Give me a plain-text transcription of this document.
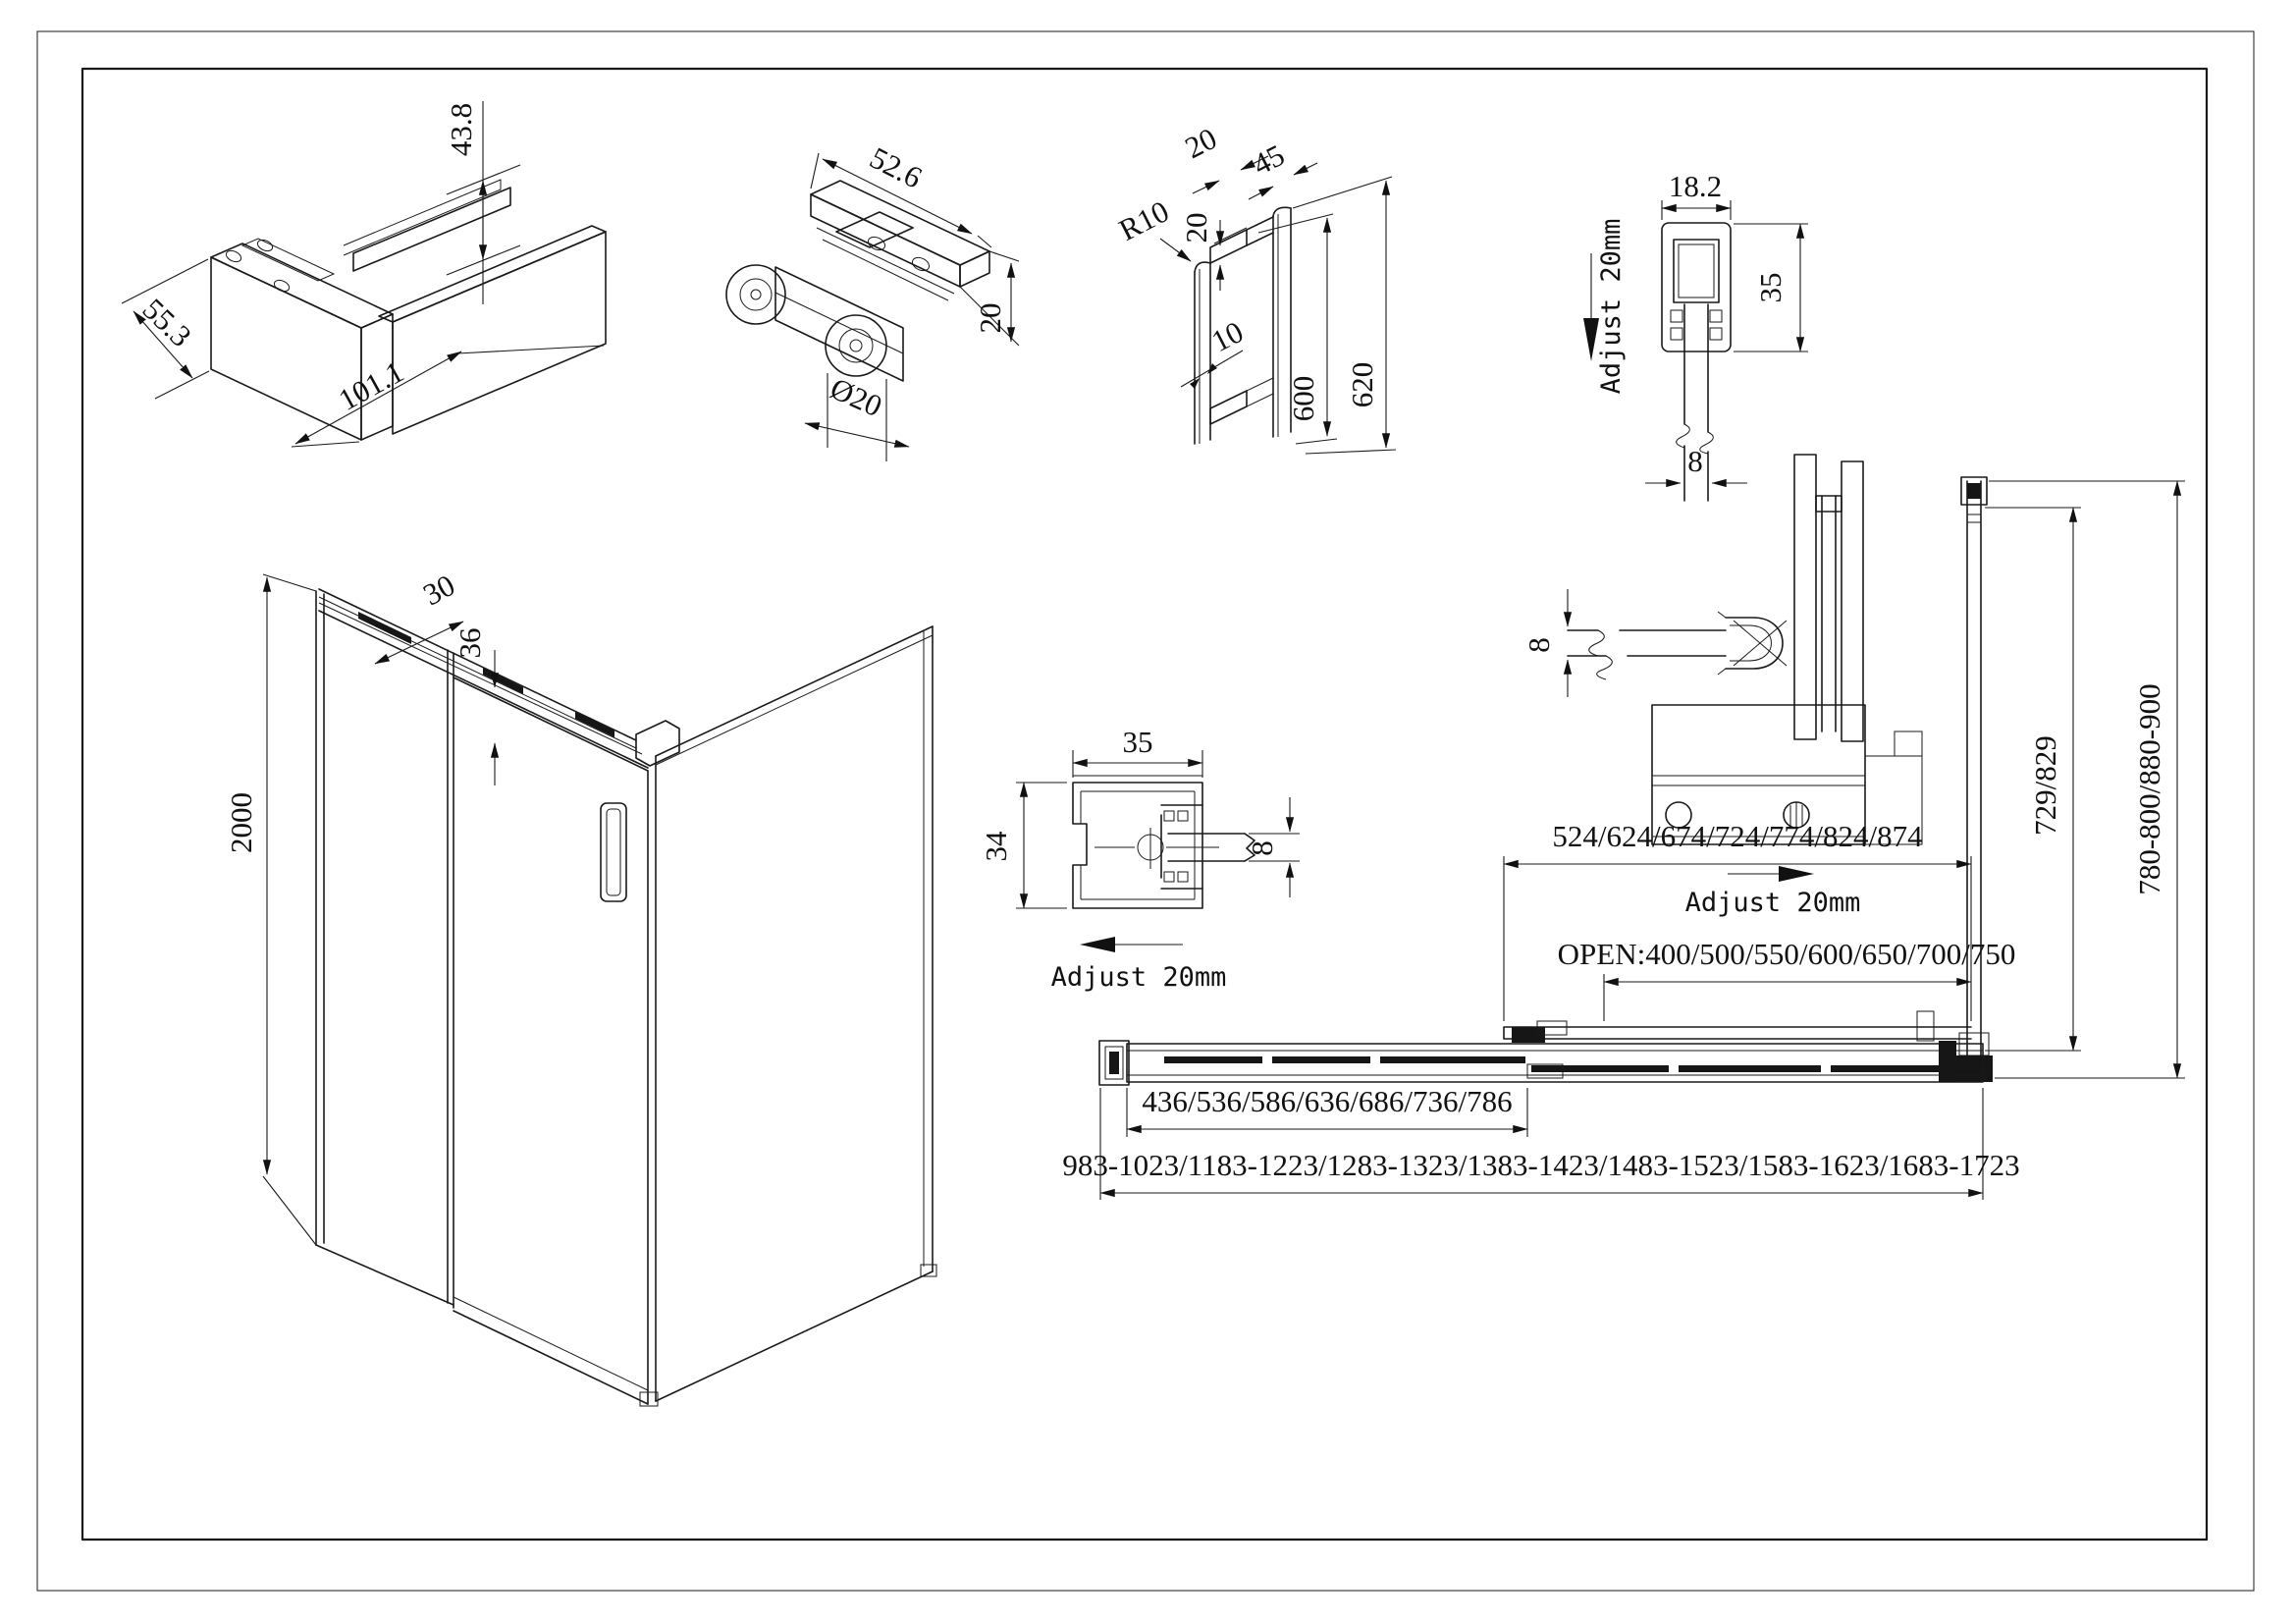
43.8
55.3
101.1
52.6
20
Ø20
20
20
45
R10
10
600 620
18.2
8
35
Adjust 20mm
8
Adjust 20mm
2000
30
36
35
34	8
Adjust 20mm
524/624/674/724/774/824/874
OPEN:400/500/550/600/650/700/750
436/536/586/636/686/736/786
983-1023/1183-1223/1283-1323/1383-1423/1483-1523/1583-1623/1683-1723
729/829 780-800/880-900
